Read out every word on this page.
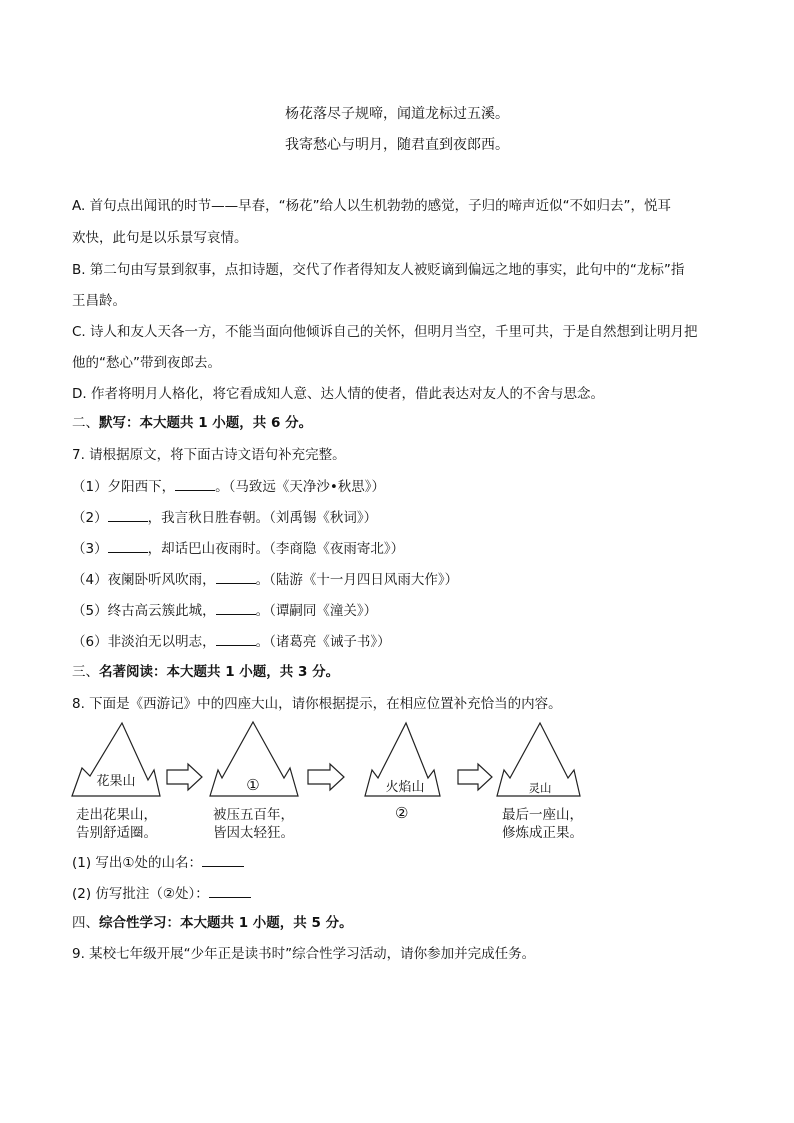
杨花落尽子规啼，闻道龙标过五溪。
我寄愁心与明月，随君直到夜郎西。
A. 首句点出闻讯的时节——早春，“杨花”给人以生机勃勃的感觉，子归的啼声近似“不如归去”，悦耳
欢快，此句是以乐景写哀情。
B. 第二句由写景到叙事，点扣诗题，交代了作者得知友人被贬谪到偏远之地的事实，此句中的“龙标”指
王昌龄。
C. 诗人和友人天各一方，不能当面向他倾诉自己的关怀，但明月当空，千里可共，于是自然想到让明月把
他的“愁心”带到夜郎去。
D. 作者将明月人格化，将它看成知人意、达人情的使者，借此表达对友人的不舍与思念。
二、默写：本大题共 1 小题，共 6 分。
7. 请根据原文，将下面古诗文语句补充完整。
（1）夕阳西下，	。（马致远《天净沙•秋思》）
（2）	，我言秋日胜春朝。（刘禹锡《秋词》）
（3）	，却话巴山夜雨时。（李商隐《夜雨寄北》）
（4）夜阑卧听风吹雨，	。（陆游《十一月四日风雨大作》）
（5）终古高云簇此城，	。（谭嗣同《潼关》）
（6）非淡泊无以明志，	。（诸葛亮《诫子书》）
三、名著阅读：本大题共 1 小题，共 3 分。
8. 下面是《西游记》中的四座大山，请你根据提示，在相应位置补充恰当的内容。
花果山	①	火焰山	灵山
走出花果山，
告别舒适圈。
被压五百年，
皆因太轻狂。
②	最后一座山，
修炼成正果。
(1) 写出①处的山名：
(2) 仿写批注（②处）：
四、综合性学习：本大题共 1 小题，共 5 分。
9. 某校七年级开展“少年正是读书时”综合性学习活动，请你参加并完成任务。
